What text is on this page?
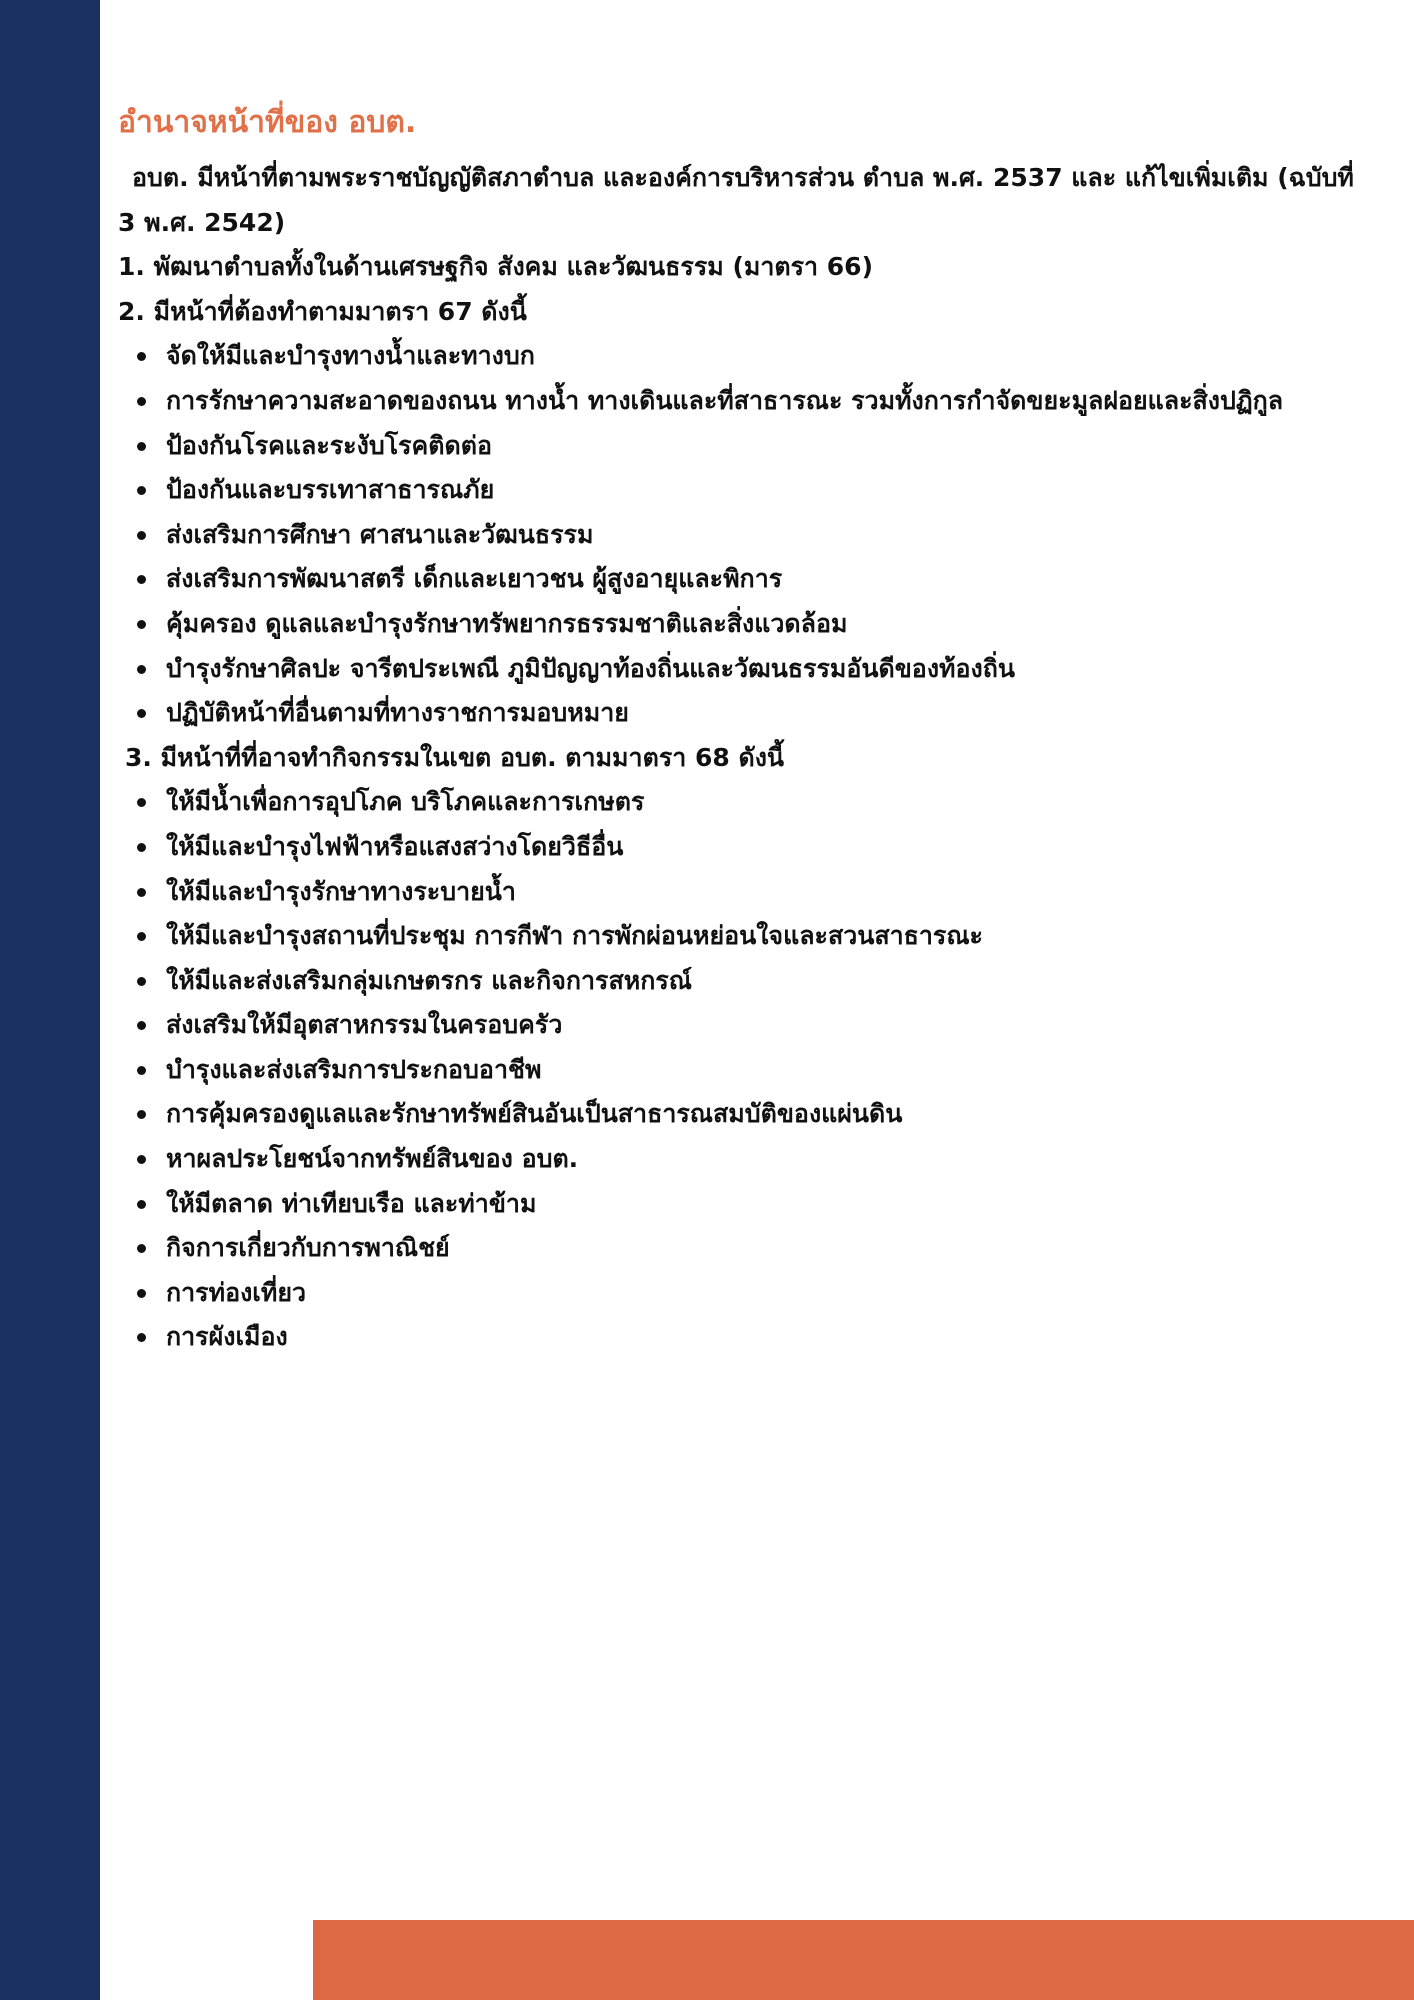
อำนาจหน้าที่ของ อบต.

อบต. มีหน้าที่ตามพระราชบัญญัติสภาตำบล และองค์การบริหารส่วน ตำบล พ.ศ. 2537 และ แก้ไขเพิ่มเติม (ฉบับที่ 3 พ.ศ. 2542)

1. พัฒนาตำบลทั้งในด้านเศรษฐกิจ สังคม และวัฒนธรรม (มาตรา 66)

2. มีหน้าที่ต้องทำตามมาตรา 67 ดังนี้

จัดให้มีและบำรุงทางน้ำและทางบก
การรักษาความสะอาดของถนน ทางน้ำ ทางเดินและที่สาธารณะ รวมทั้งการกำจัดขยะมูลฝอยและสิ่งปฏิกูล
ป้องกันโรคและระงับโรคติดต่อ
ป้องกันและบรรเทาสาธารณภัย
ส่งเสริมการศึกษา ศาสนาและวัฒนธรรม
ส่งเสริมการพัฒนาสตรี เด็กและเยาวชน ผู้สูงอายุและพิการ
คุ้มครอง ดูแลและบำรุงรักษาทรัพยากรธรรมชาติและสิ่งแวดล้อม
บำรุงรักษาศิลปะ จารีตประเพณี ภูมิปัญญาท้องถิ่นและวัฒนธรรมอันดีของท้องถิ่น
ปฏิบัติหน้าที่อื่นตามที่ทางราชการมอบหมาย

3. มีหน้าที่ที่อาจทำกิจกรรมในเขต อบต. ตามมาตรา 68 ดังนี้

ให้มีน้ำเพื่อการอุปโภค บริโภคและการเกษตร
ให้มีและบำรุงไฟฟ้าหรือแสงสว่างโดยวิธีอื่น
ให้มีและบำรุงรักษาทางระบายน้ำ
ให้มีและบำรุงสถานที่ประชุม การกีฬา การพักผ่อนหย่อนใจและสวนสาธารณะ
ให้มีและส่งเสริมกลุ่มเกษตรกร และกิจการสหกรณ์
ส่งเสริมให้มีอุตสาหกรรมในครอบครัว
บำรุงและส่งเสริมการประกอบอาชีพ
การคุ้มครองดูแลและรักษาทรัพย์สินอันเป็นสาธารณสมบัติของแผ่นดิน
หาผลประโยชน์จากทรัพย์สินของ อบต.
ให้มีตลาด ท่าเทียบเรือ และท่าข้าม
กิจการเกี่ยวกับการพาณิชย์
การท่องเที่ยว
การผังเมือง
